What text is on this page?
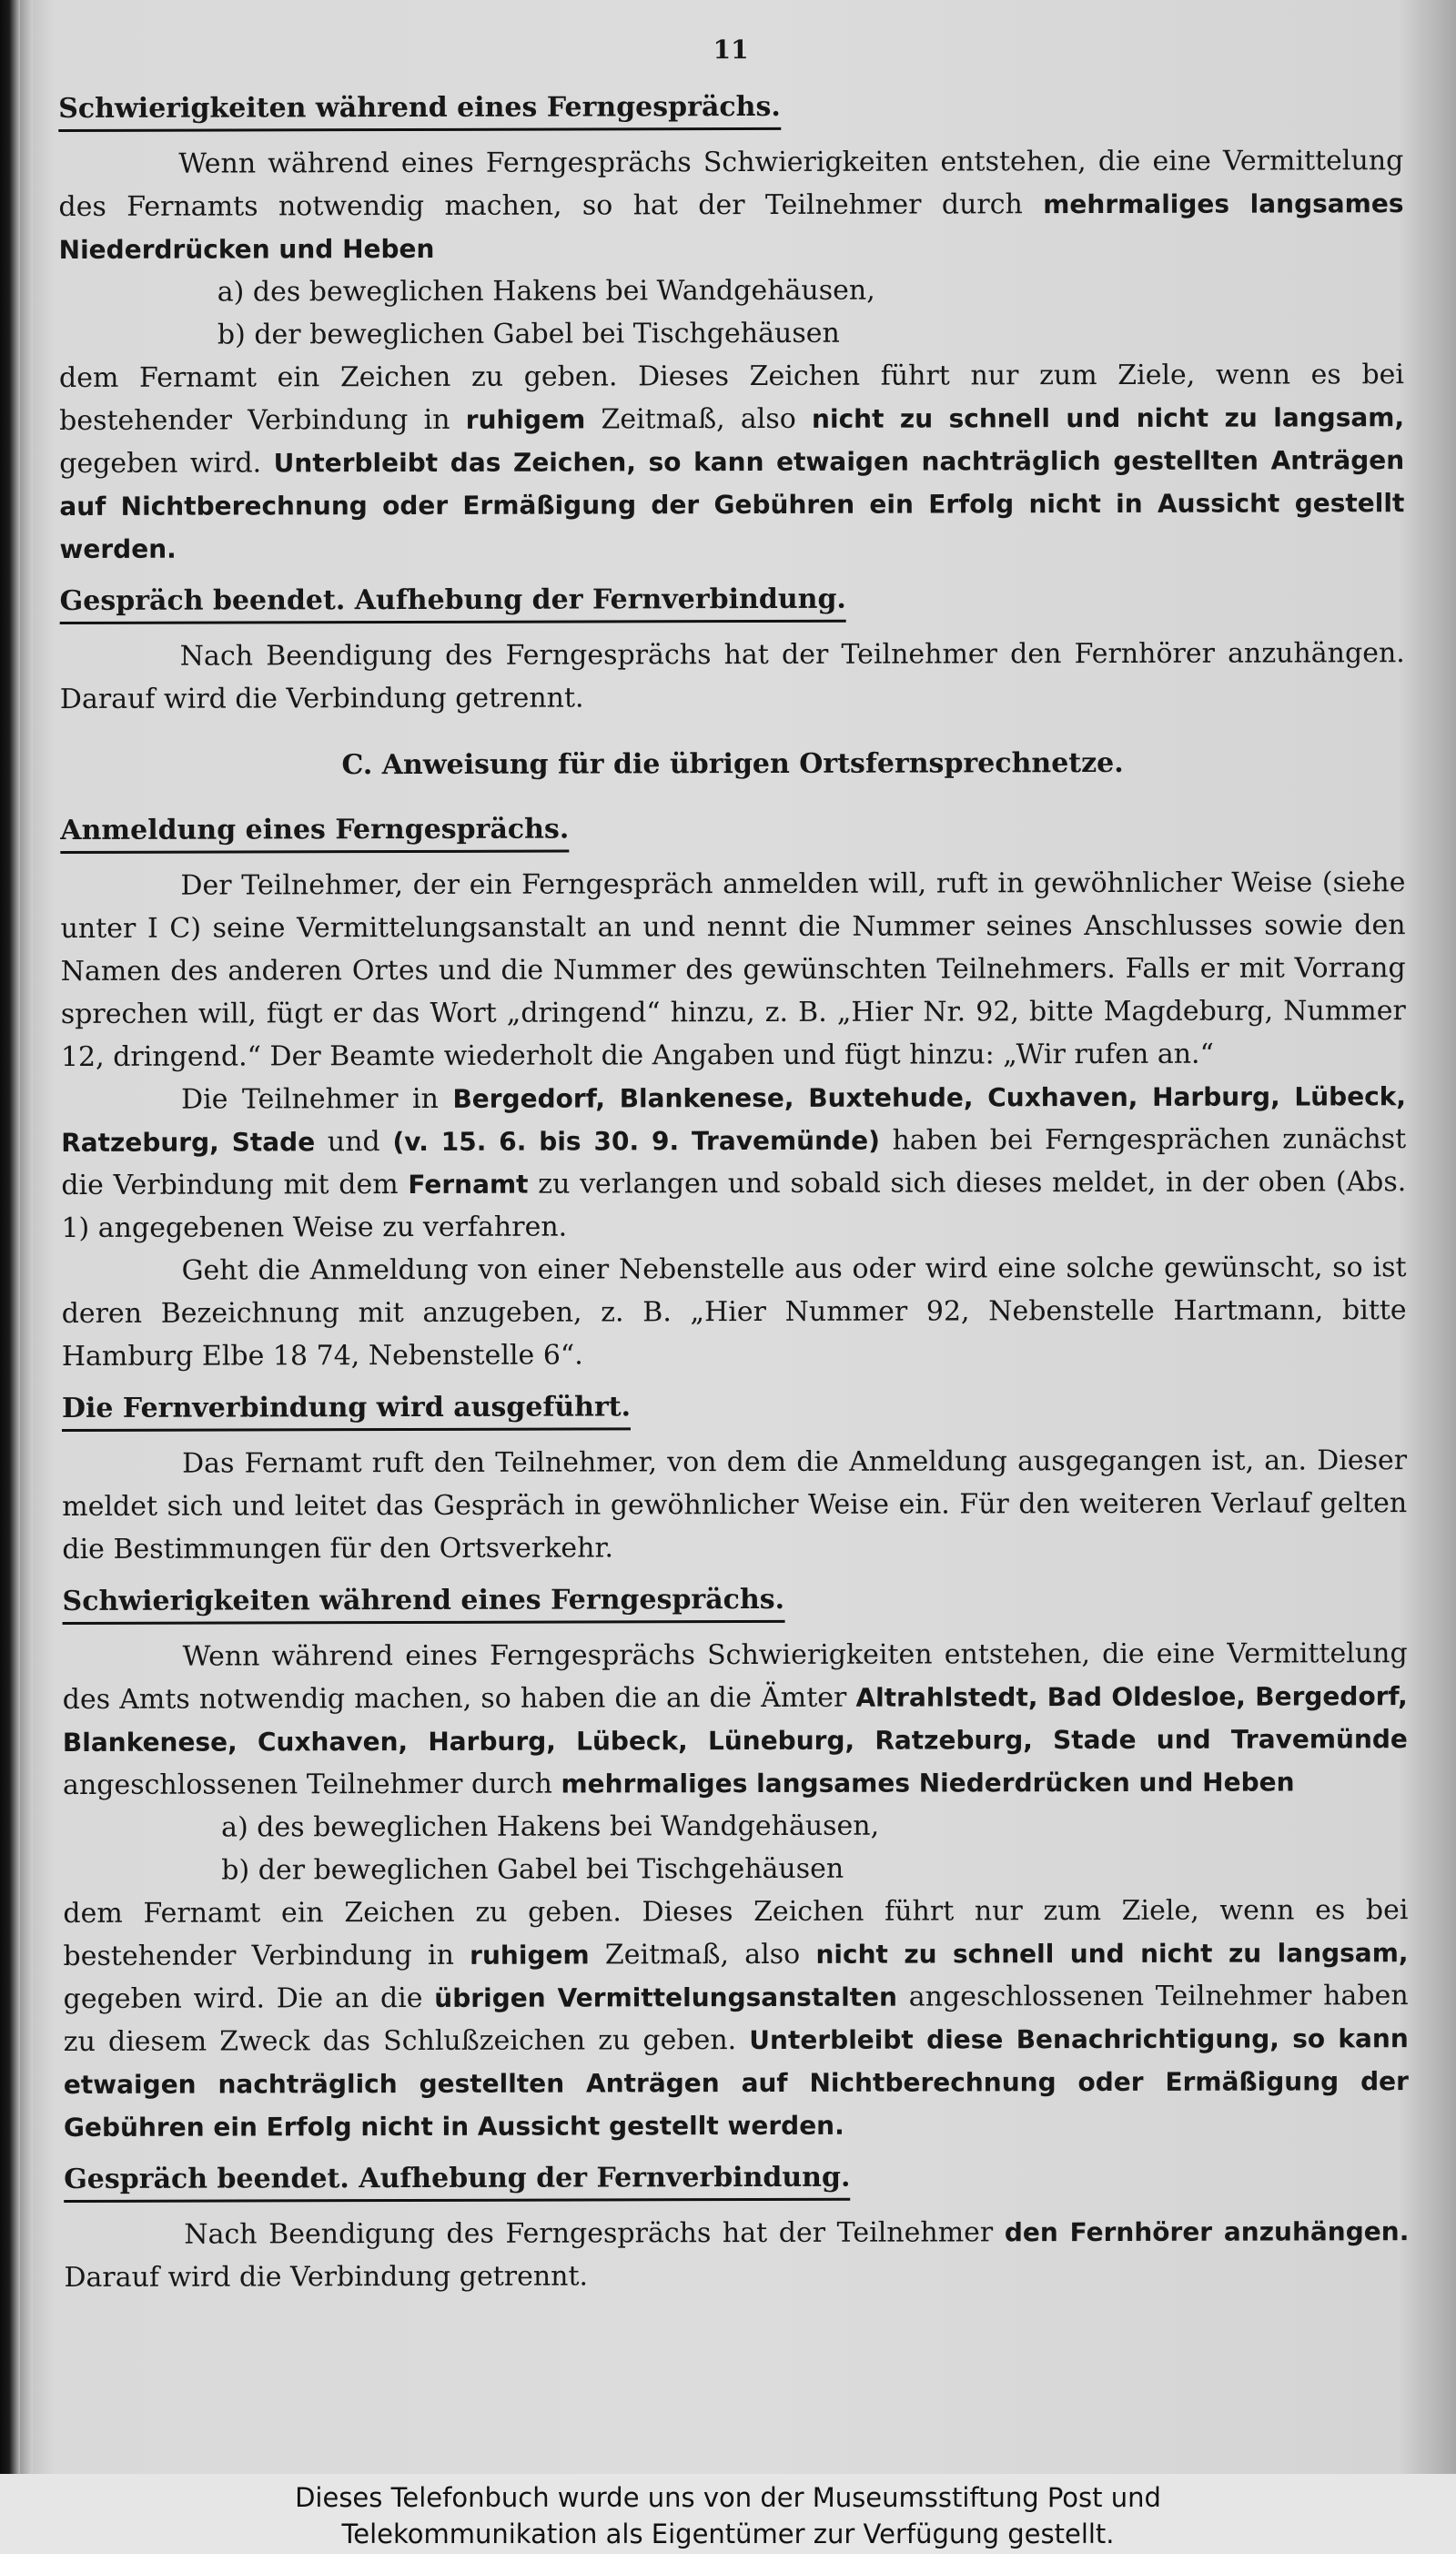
11
Schwierigkeiten während eines Ferngesprächs.

Wenn während eines Ferngesprächs Schwierigkeiten entstehen, die eine Vermittelung des Fernamts notwendig machen, so hat der Teilnehmer durch mehrmaliges langsames Niederdrücken und Heben

a) des beweglichen Hakens bei Wandgehäusen,
b) der beweglichen Gabel bei Tischgehäusen

dem Fernamt ein Zeichen zu geben. Dieses Zeichen führt nur zum Ziele, wenn es bei bestehender Verbindung in ruhigem Zeitmaß, also nicht zu schnell und nicht zu langsam, gegeben wird. Unterbleibt das Zeichen, so kann etwaigen nachträglich gestellten Anträgen auf Nichtberechnung oder Ermäßigung der Gebühren ein Erfolg nicht in Aussicht gestellt werden.

Gespräch beendet. Aufhebung der Fernverbindung.

Nach Beendigung des Ferngesprächs hat der Teilnehmer den Fernhörer anzuhängen. Darauf wird die Verbindung getrennt.

C. Anweisung für die übrigen Ortsfernsprechnetze.
Anmeldung eines Ferngesprächs.

Der Teilnehmer, der ein Ferngespräch anmelden will, ruft in gewöhnlicher Weise (siehe unter I C) seine Vermittelungsanstalt an und nennt die Nummer seines Anschlusses sowie den Namen des anderen Ortes und die Nummer des gewünschten Teilnehmers. Falls er mit Vorrang sprechen will, fügt er das Wort „dringend“ hinzu, z. B. „Hier Nr. 92, bitte Magdeburg, Nummer 12, dringend.“ Der Beamte wiederholt die Angaben und fügt hinzu: „Wir rufen an.“

Die Teilnehmer in Bergedorf, Blankenese, Buxtehude, Cuxhaven, Harburg, Lübeck, Ratzeburg, Stade und (v. 15. 6. bis 30. 9. Travemünde) haben bei Ferngesprächen zunächst die Verbindung mit dem Fernamt zu verlangen und sobald sich dieses meldet, in der oben (Abs. 1) angegebenen Weise zu verfahren.

Geht die Anmeldung von einer Nebenstelle aus oder wird eine solche gewünscht, so ist deren Bezeichnung mit anzugeben, z. B. „Hier Nummer 92, Nebenstelle Hartmann, bitte Hamburg Elbe 18 74, Nebenstelle 6“.

Die Fernverbindung wird ausgeführt.

Das Fernamt ruft den Teilnehmer, von dem die Anmeldung ausgegangen ist, an. Dieser meldet sich und leitet das Gespräch in gewöhnlicher Weise ein. Für den weiteren Verlauf gelten die Bestimmungen für den Ortsverkehr.

Schwierigkeiten während eines Ferngesprächs.

Wenn während eines Ferngesprächs Schwierigkeiten entstehen, die eine Vermittelung des Amts notwendig machen, so haben die an die Ämter Altrahlstedt, Bad Oldesloe, Bergedorf, Blankenese, Cuxhaven, Harburg, Lübeck, Lüneburg, Ratzeburg, Stade und Travemünde angeschlossenen Teilnehmer durch mehrmaliges langsames Niederdrücken und Heben

a) des beweglichen Hakens bei Wandgehäusen,
b) der beweglichen Gabel bei Tischgehäusen

dem Fernamt ein Zeichen zu geben. Dieses Zeichen führt nur zum Ziele, wenn es bei bestehender Verbindung in ruhigem Zeitmaß, also nicht zu schnell und nicht zu langsam, gegeben wird. Die an die übrigen Vermittelungsanstalten angeschlossenen Teilnehmer haben zu diesem Zweck das Schlußzeichen zu geben. Unterbleibt diese Benachrichtigung, so kann etwaigen nachträglich gestellten Anträgen auf Nichtberechnung oder Ermäßigung der Gebühren ein Erfolg nicht in Aussicht gestellt werden.

Gespräch beendet. Aufhebung der Fernverbindung.

Nach Beendigung des Ferngesprächs hat der Teilnehmer den Fernhörer anzuhängen. Darauf wird die Verbindung getrennt.

Dieses Telefonbuch wurde uns von der Museumsstiftung Post und
Telekommunikation als Eigentümer zur Verfügung gestellt.
